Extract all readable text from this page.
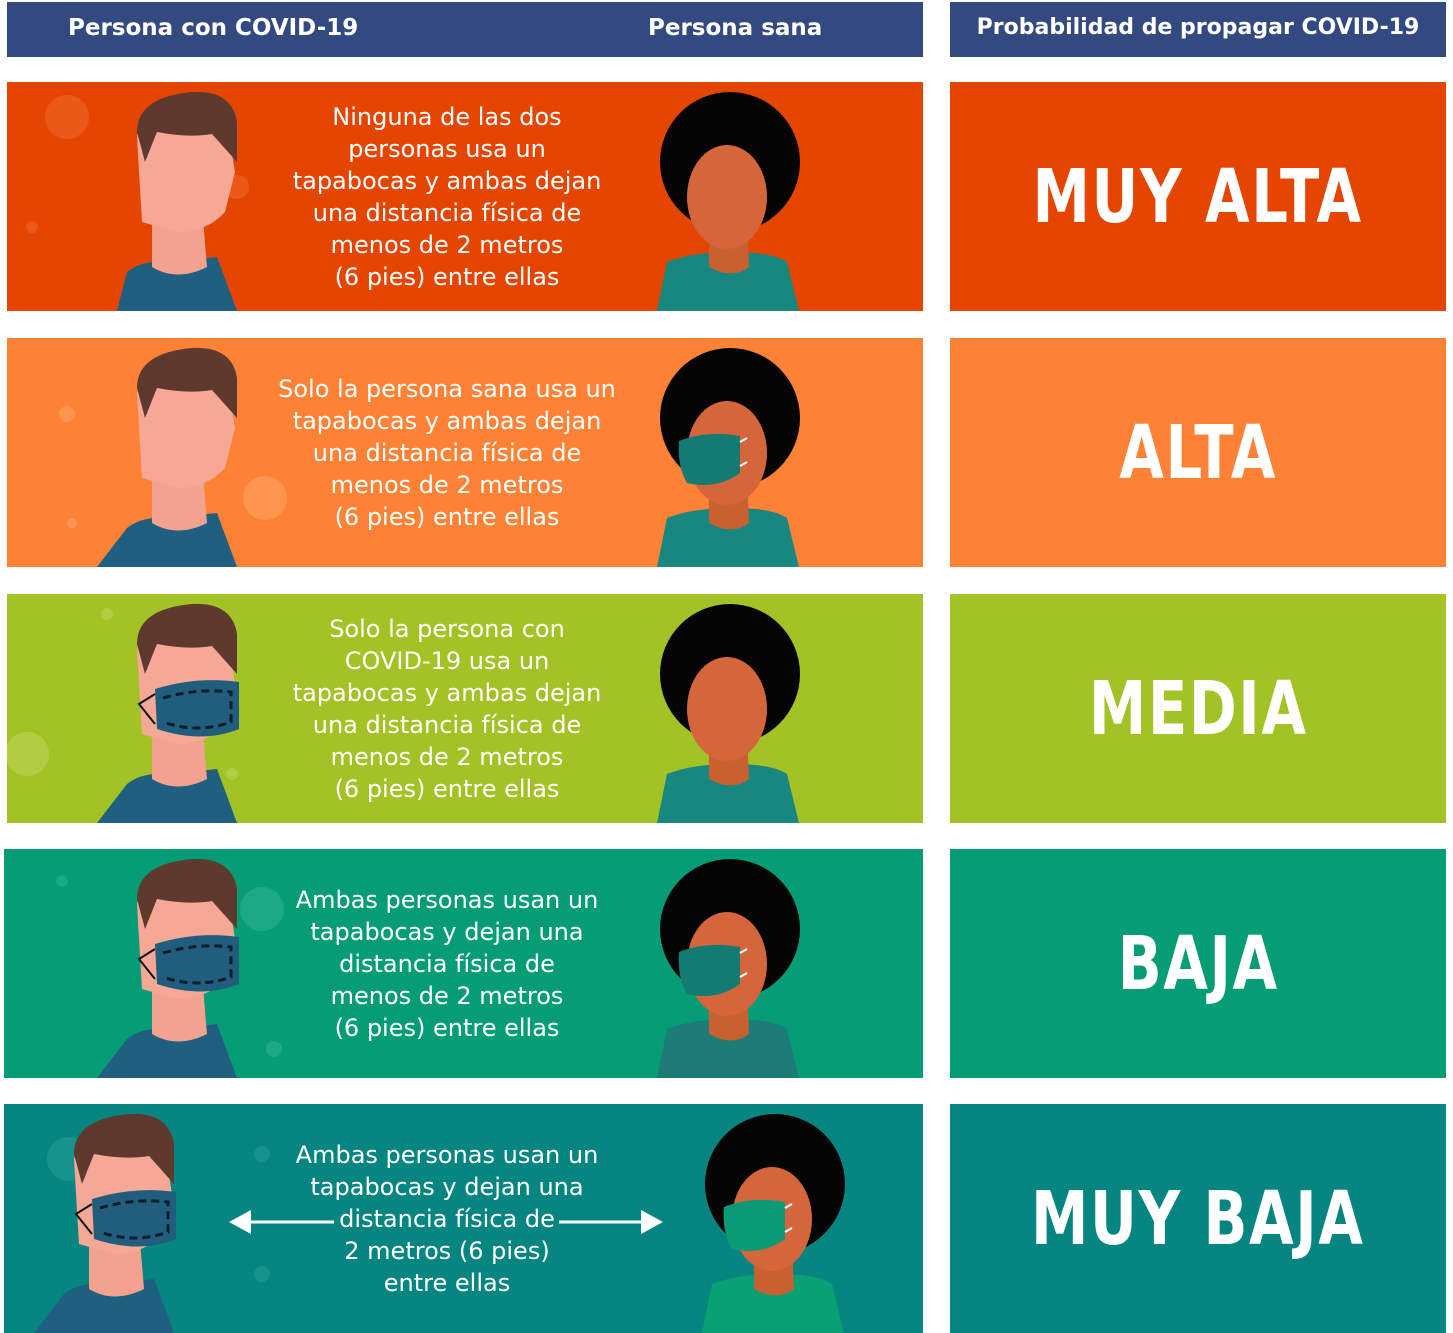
Persona con COVID-19	Persona sana	Probabilidad de propagar COVID-19
Ninguna de las dos
personas usa un
tapabocas y ambas dejan
una distancia física de
menos de 2 metros
(6 pies) entre ellas
MUY ALTA
Solo la persona sana usa un
tapabocas y ambas dejan
una distancia física de
menos de 2 metros
(6 pies) entre ellas
ALTA
Solo la persona con
COVID-19 usa un
tapabocas y ambas dejan
una distancia física de
menos de 2 metros
(6 pies) entre ellas
MEDIA
Ambas personas usan un
tapabocas y dejan una
distancia física de
menos de 2 metros
(6 pies) entre ellas
BAJA
Ambas personas usan un
tapabocas y dejan una
distancia física de
2 metros (6 pies)
entre ellas
MUY BAJA
